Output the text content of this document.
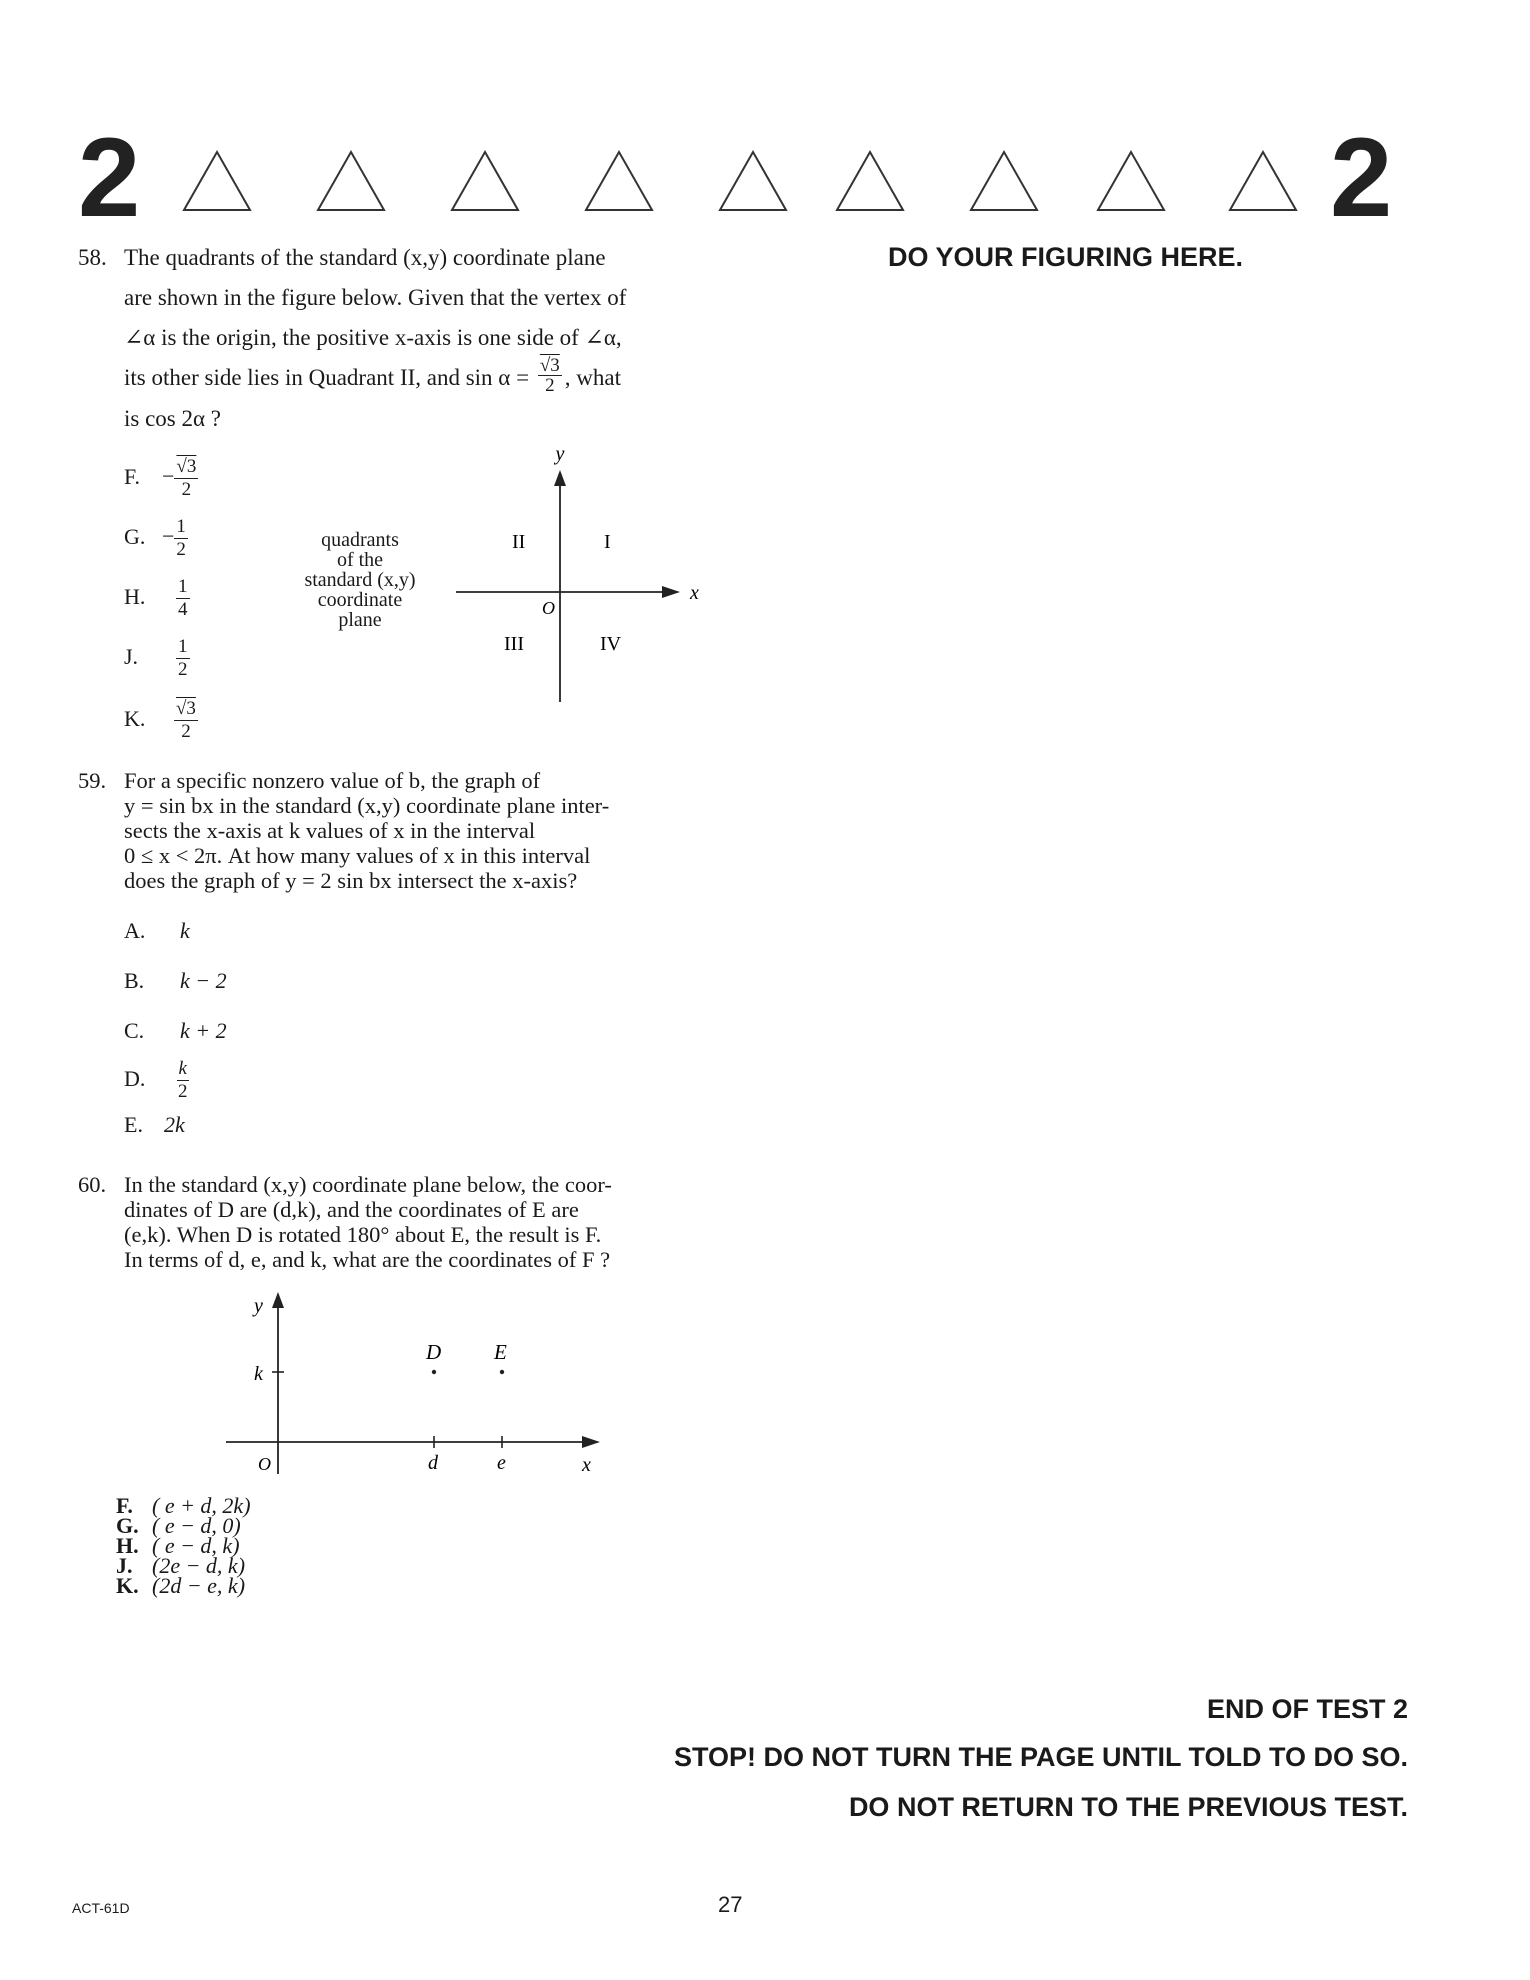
2	2
DO YOUR FIGURING HERE.
58. The quadrants of the standard (x,y) coordinate plane
are shown in the figure below. Given that the vertex of
∠α is the origin, the positive x-axis is one side of ∠α,
its other side lies in Quadrant II, and $\sin \alpha = \frac{√3}{2}$ , what
is cos 2α ?
F. − $\frac{√3}{2}$
G. − $\frac{1}{2}$
H. $\frac{1}{4}$
J. $\frac{1}{2}$
K. $\frac{√3}{2}$
quadrants
of the
standard (x,y)
coordinate
plane
y
x
O
II	I
III	IV
59. For a specific nonzero value of b, the graph of
y = sin bx in the standard (x,y) coordinate plane inter-
sects the x-axis at k values of x in the interval
0 ≤ x < 2π. At how many values of x in this interval
does the graph of y = 2 sin bx intersect the x-axis?
A. k
B. k − 2
C. k + 2
D. $\frac{k}{2}$
E. 2k
60. In the standard (x,y) coordinate plane below, the coor-
dinates of D are (d,k), and the coordinates of E are
(e,k). When D is rotated 180° about E, the result is F.
In terms of d, e, and k, what are the coordinates of F ?
y
x
k
O
D	E
d	e
F. ( e + d, 2k)
G. ( e − d, 0)
H. ( e − d, k)
J. (2e − d, k)
K. (2d − e, k)
END OF TEST 2
STOP! DO NOT TURN THE PAGE UNTIL TOLD TO DO SO.
DO NOT RETURN TO THE PREVIOUS TEST.
ACT-61D	27
